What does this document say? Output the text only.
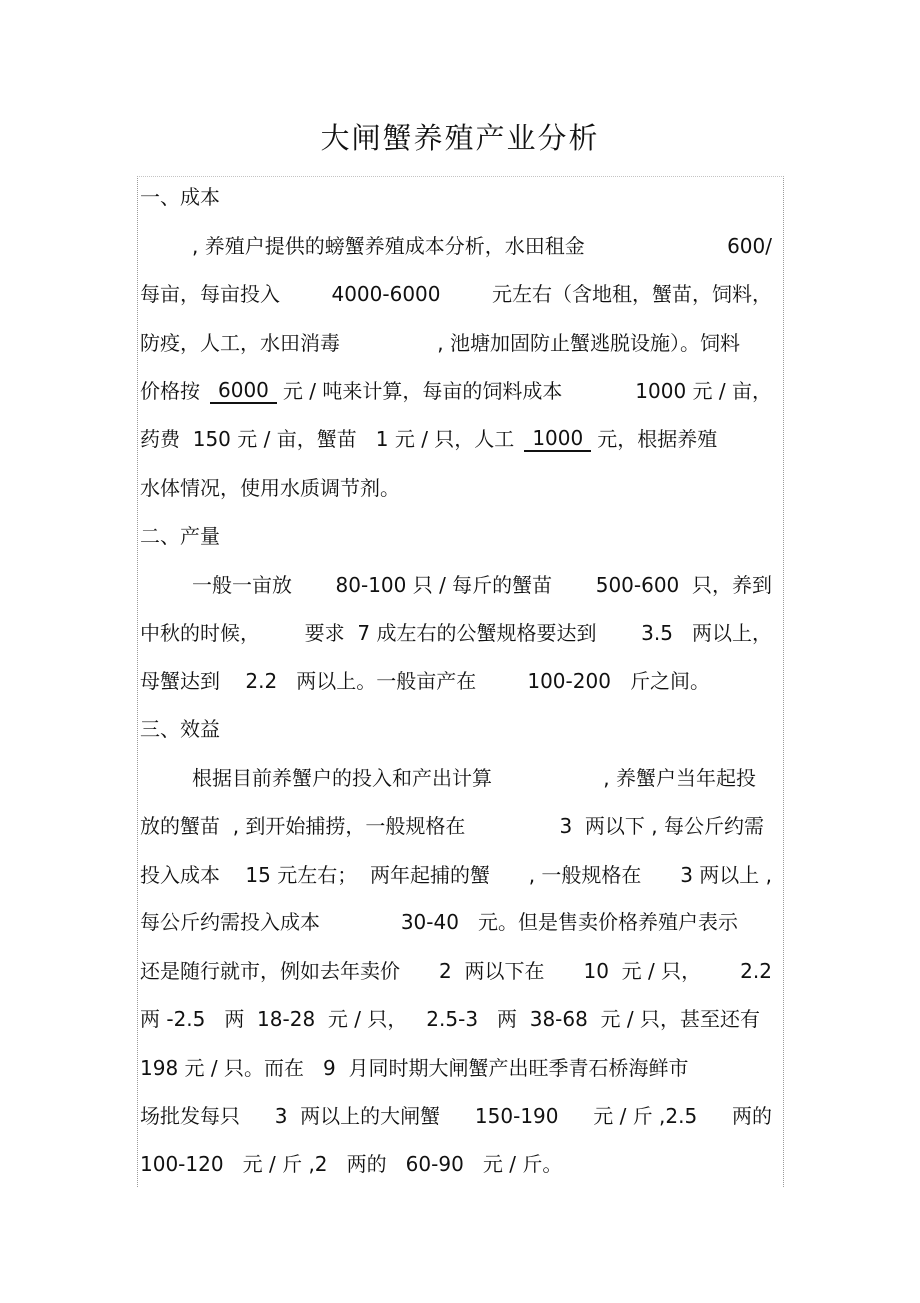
大闸蟹养殖产业分析
一、成本
, 养殖户提供的螃蟹养殖成本分析，水田租金	600/
每亩，每亩投入	4000-6000	元左右（含地租，蟹苗，饲料，
防疫，人工，水田消毒	, 池塘加固防止蟹逃脱设施）。饲料
价格按 6000 元 / 吨来计算，每亩的饲料成本	1000 元 / 亩，
药费  150 元 / 亩，蟹苗   1 元 / 只，人工 1000 元，根据养殖
水体情况，使用水质调节剂。
二、产量
一般一亩放 80-100 只 / 每斤的蟹苗 500-600  只，养到
中秋的时候， 要求  7 成左右的公蟹规格要达到 3.5   两以上，
母蟹达到    2.2   两以上。一般亩产在	100-200   斤之间。
三、效益
根据目前养蟹户的投入和产出计算	, 养蟹户当年起投
放的蟹苗  , 到开始捕捞，一般规格在	3  两以下 , 每公斤约需
投入成本    15 元左右；  两年起捕的蟹 , 一般规格在 3 两以上 ,
每公斤约需投入成本	30-40   元。但是售卖价格养殖户表示
还是随行就市，例如去年卖价 2  两以下在 10  元 / 只， 2.2
两 -2.5 两  18-28  元 / 只， 2.5-3 两  38-68  元 / 只，甚至还有
198 元 / 只。而在   9  月同时期大闸蟹产出旺季青石桥海鲜市
场批发每只 3  两以上的大闸蟹 150-190 元 / 斤 ,2.5 两的
100-120   元 / 斤 ,2   两的   60-90   元 / 斤。
